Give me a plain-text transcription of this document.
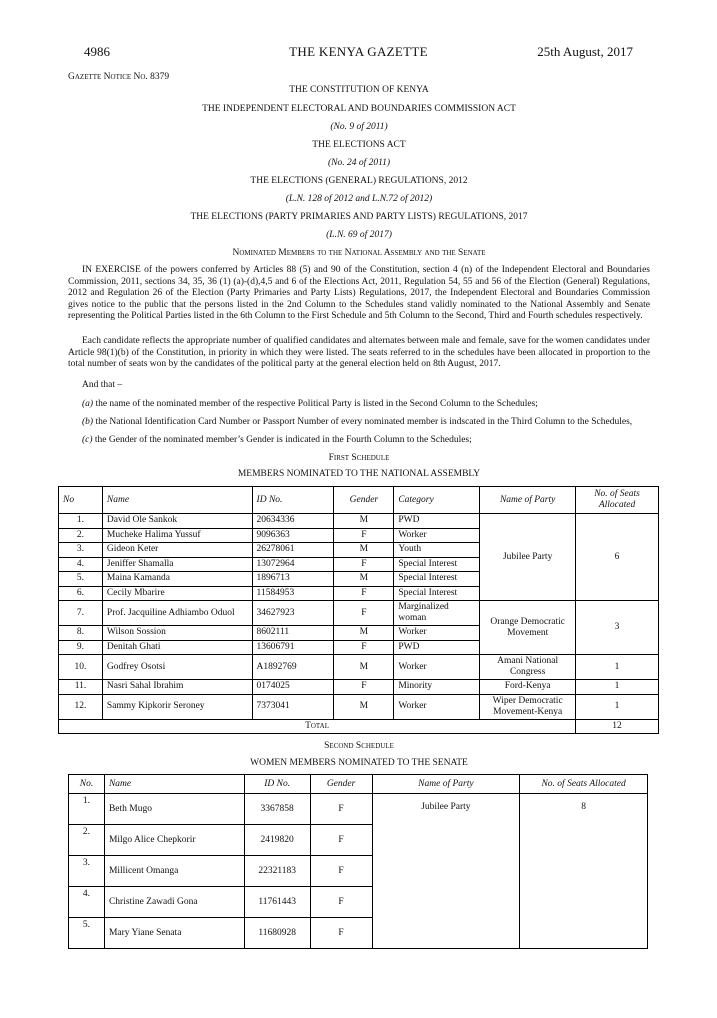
4986	THE KENYA GAZETTE	25th August, 2017
Gazette Notice No. 8379
THE CONSTITUTION OF KENYA
THE INDEPENDENT ELECTORAL AND BOUNDARIES COMMISSION ACT
(No. 9 of 2011)
THE ELECTIONS ACT
(No. 24 of 2011)
THE ELECTIONS (GENERAL) REGULATIONS, 2012
(L.N. 128 of 2012 and L.N.72 of 2012)
THE ELECTIONS (PARTY PRIMARIES AND PARTY LISTS) REGULATIONS, 2017
(L.N. 69 of 2017)
Nominated Members to the National Assembly and the Senate
IN EXERCISE of the powers conferred by Articles 88 (5) and 90 of the Constitution, section 4 (n) of the Independent Electoral and Boundaries Commission, 2011, sections 34, 35, 36 (1) (a)-(d),4,5 and 6 of the Elections Act, 2011, Regulation 54, 55 and 56 of the Election (General) Regulations, 2012 and Regulation 26 of the Election (Party Primaries and Party Lists) Regulations, 2017, the Independent Electoral and Boundaries Commission gives notice to the public that the persons listed in the 2nd Column to the Schedules stand validly nominated to the National Assembly and Senate representing the Political Parties listed in the 6th Column to the First Schedule and 5th Column to the Second, Third and Fourth schedules respectively.
Each candidate reflects the appropriate number of qualified candidates and alternates between male and female, save for the women candidates under Article 98(1)(b) of the Constitution, in priority in which they were listed. The seats referred to in the schedules have been allocated in proportion to the total number of seats won by the candidates of the political party at the general election held on 8th August, 2017.
And that –
(a) the name of the nominated member of the respective Political Party is listed in the Second Column to the Schedules;
(b) the National Identification Card Number or Passport Number of every nominated member is indscated in the Third Column to the Schedules,
(c) the Gender of the nominated member’s Gender is indicated in the Fourth Column to the Schedules;
First Schedule
MEMBERS NOMINATED TO THE NATIONAL ASSEMBLY
No	Name	ID No.	Gender	Category	Name of Party	No. of Seats Allocated
1.	David Ole Sankok	20634336	M	PWD	Jubilee Party	6
2.	Mucheke Halima Yussuf	9096363	F	Worker		
3.	Gideon Keter	26278061	M	Youth		
4.	Jeniffer Shamalla	13072964	F	Special Interest		
5.	Maina Kamanda	1896713	M	Special Interest		
6.	Cecily Mbarire	11584953	F	Special Interest		
7.	Prof. Jacquiline Adhiambo Oduol	34627923	F	Marginalized woman	Orange Democratic Movement	3
8.	Wilson Sossion	8602111	M	Worker		
9.	Denitah Ghati	13606791	F	PWD		
10.	Godfrey Osotsi	A1892769	M	Worker	Amani National Congress	1
11.	Nasri Sahal Ibrahim	0174025	F	Minority	Ford-Kenya	1
12.	Sammy Kipkorir Seroney	7373041	M	Worker	Wiper Democratic Movement-Kenya	1
Total						12
Second Schedule
WOMEN MEMBERS NOMINATED TO THE SENATE
No.	Name	ID No.	Gender	Name of Party	No. of Seats Allocated
1.	Beth Mugo	3367858	F	Jubilee Party	8
2.	Milgo Alice Chepkorir	2419820	F		
3.	Millicent Omanga	22321183	F		
4.	Christine Zawadi Gona	11761443	F		
5.	Mary Yiane Senata	11680928	F		
